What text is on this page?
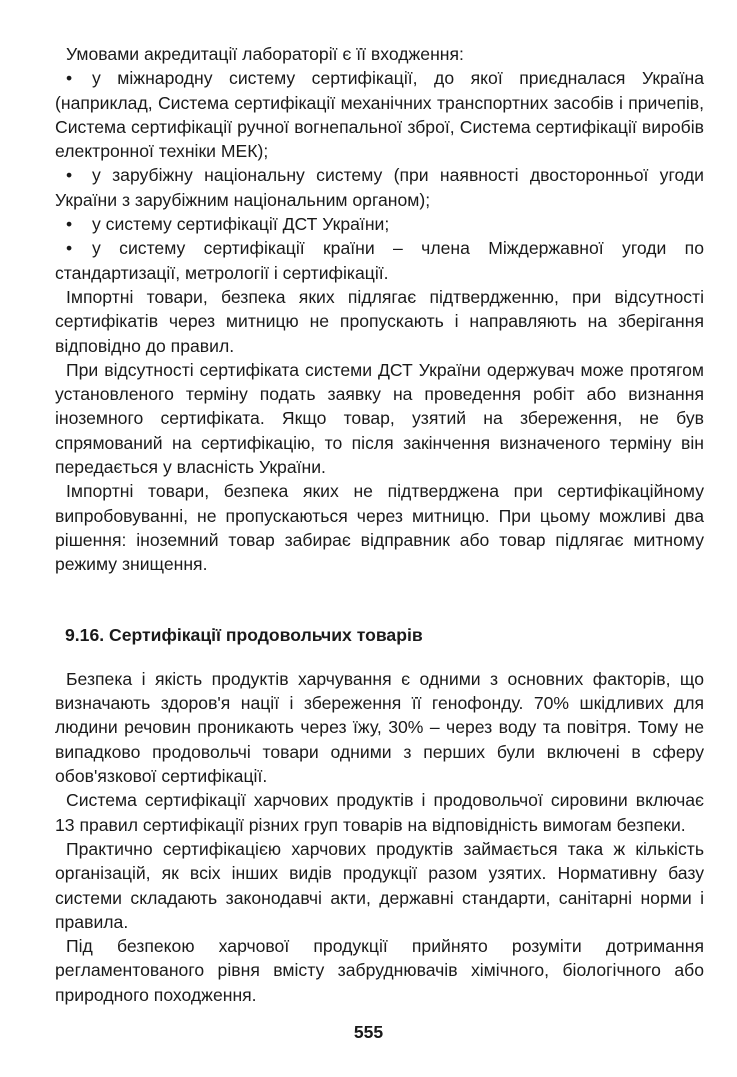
Умовами акредитації лабораторії є її входження:

• у міжнародну систему сертифікації, до якої приєдналася Україна (наприклад, Система сертифікації механічних транспортних засобів і причепів, Система сертифікації ручної вогнепальної зброї, Система сертифікації виробів електронної техніки МЕК);

• у зарубіжну національну систему (при наявності двосторонньої угоди України з зарубіжним національним органом);

• у систему сертифікації ДСТ України;

• у систему сертифікації країни – члена Міждержавної угоди по стандартизації, метрології і сертифікації.

Імпортні товари, безпека яких підлягає підтвердженню, при відсутності сертифікатів через митницю не пропускають і направляють на зберігання відповідно до правил.

При відсутності сертифіката системи ДСТ України одержувач може протягом установленого терміну подать заявку на проведення робіт або визнання іноземного сертифіката. Якщо товар, узятий на збереження, не був спрямований на сертифікацію, то після закінчення визначеного терміну він передається у власність України.

Імпортні товари, безпека яких не підтверджена при сертифікаційному випробовуванні, не пропускаються через митницю. При цьому можливі два рішення: іноземний товар забирає відправник або товар підлягає митному режиму знищення.

9.16. Сертифікації продовольчих товарів

Безпека і якість продуктів харчування є одними з основних факторів, що визначають здоров'я нації і збереження її генофонду. 70% шкідливих для людини речовин проникають через їжу, 30% – через воду та повітря. Тому не випадково продовольчі товари одними з перших були включені в сферу обов'язкової сертифікації.

Система сертифікації харчових продуктів і продовольчої сировини включає 13 правил сертифікації різних груп товарів на відповідність вимогам безпеки.

Практично сертифікацією харчових продуктів займається така ж кількість організацій, як всіх інших видів продукції разом узятих. Нормативну базу системи складають законодавчі акти, державні стандарти, санітарні норми і правила.

Під безпекою харчової продукції прийнято розуміти дотримання регламентованого рівня вмісту забруднювачів хімічного, біологічного або природного походження.

555
